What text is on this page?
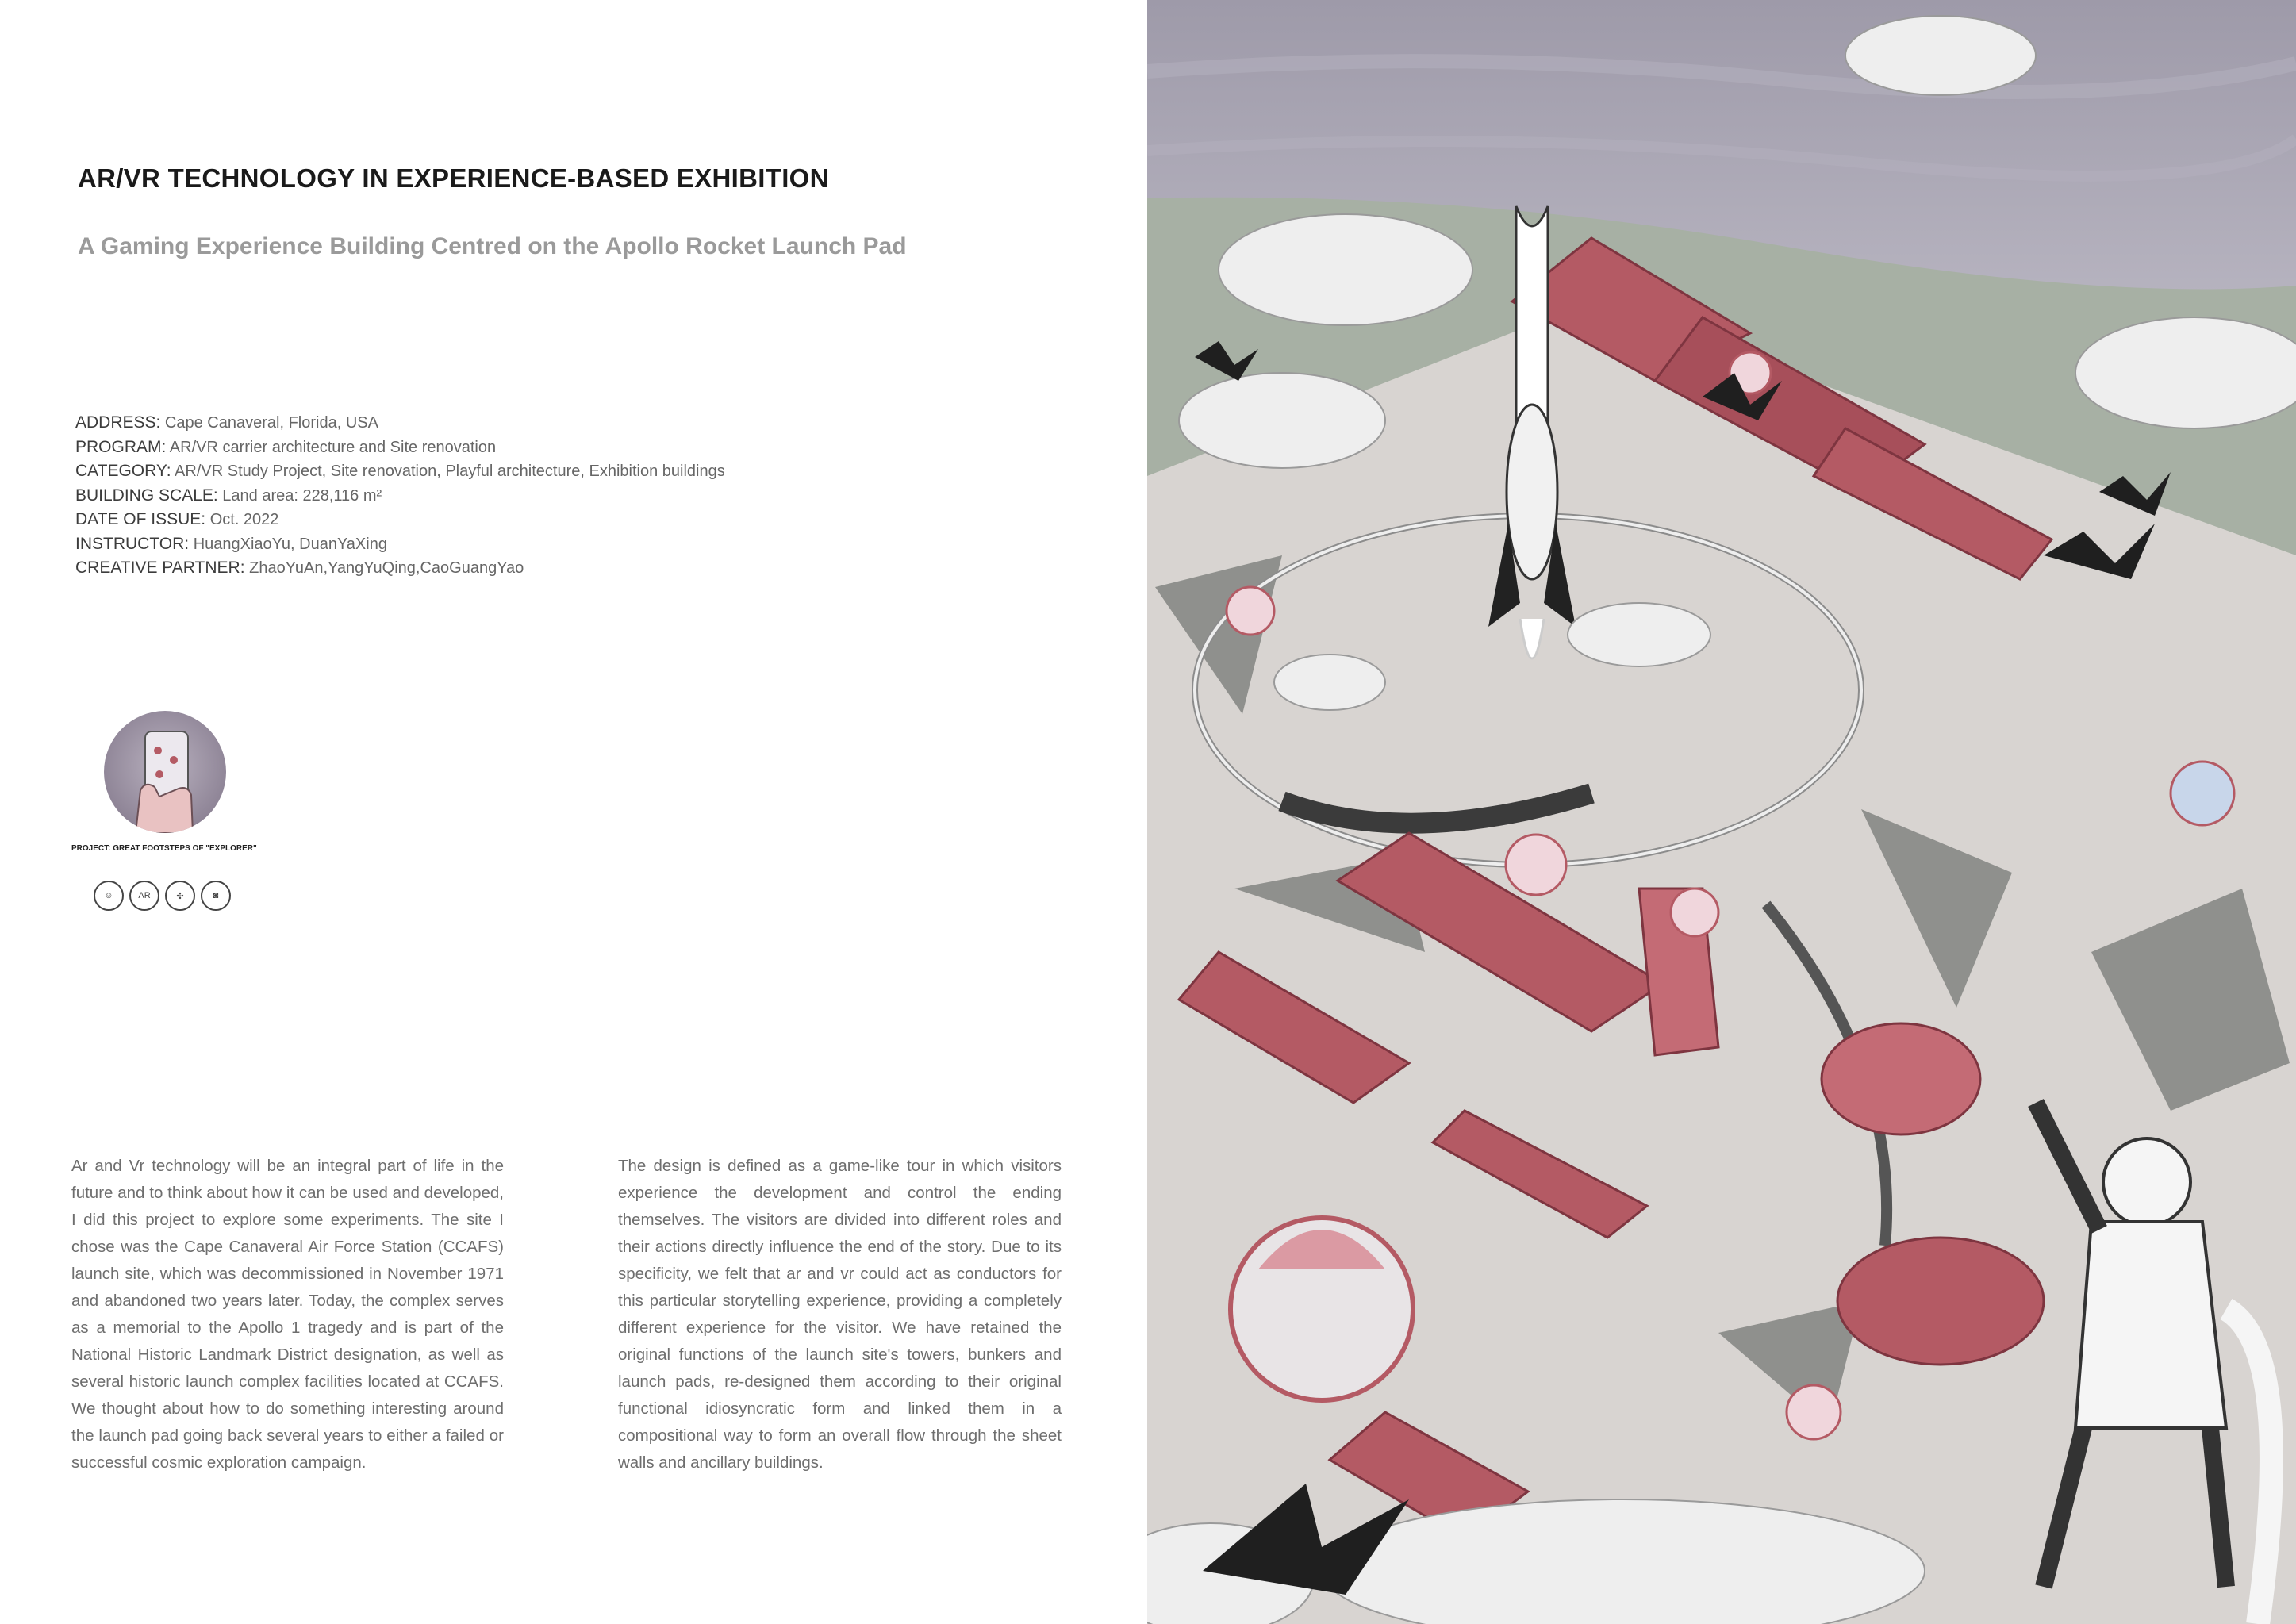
AR/VR TECHNOLOGY IN EXPERIENCE-BASED EXHIBITION
A Gaming Experience Building Centred on the Apollo Rocket Launch Pad
ADDRESS: Cape Canaveral, Florida, USA
PROGRAM: AR/VR carrier architecture and Site renovation
CATEGORY: AR/VR Study Project, Site renovation, Playful architecture, Exhibition buildings
BUILDING SCALE: Land area: 228,116 m²
DATE OF ISSUE: Oct. 2022
INSTRUCTOR: HuangXiaoYu, DuanYaXing
CREATIVE PARTNER: ZhaoYuAn,YangYuQing,CaoGuangYao
PROJECT: GREAT FOOTSTEPS OF "EXPLORER"
☺	AR	✣	◙
Ar and Vr technology will be an integral part of life in the future and to think about how it can be used and developed, I did this project to explore some experiments. The site I chose was the Cape Canaveral Air Force Station (CCAFS) launch site, which was decommissioned in November 1971 and abandoned two years later. Today, the complex serves as a memorial to the Apollo 1 tragedy and is part of the National Historic Landmark District designation, as well as several historic launch complex facilities located at CCAFS. We thought about how to do something interesting around the launch pad going back several years to either a failed or successful cosmic exploration campaign.
The design is defined as a game-like tour in which visitors experience the development and control the ending themselves. The visitors are divided into different roles and their actions directly influence the end of the story. Due to its specificity, we felt that ar and vr could act as conductors for this particular storytelling experience, providing a completely different experience for the visitor. We have retained the original functions of the launch site's towers, bunkers and launch pads, re-designed them according to their original functional idiosyncratic form and linked them in a compositional way to form an overall flow through the sheet walls and ancillary buildings.
